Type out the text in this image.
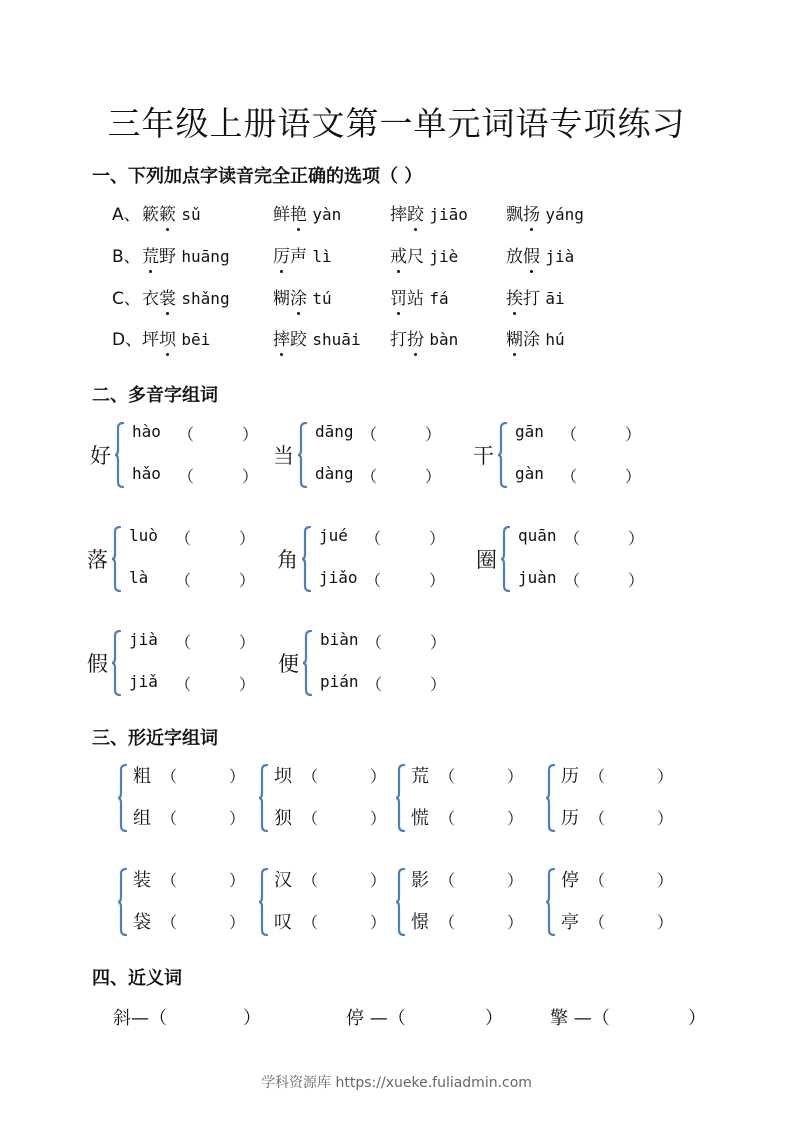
三年级上册语文第一单元词语专项练习
一、下列加点字读音完全正确的选项（ ）
A、 簌簌 sǔ	鲜艳 yàn	摔跤 jiāo 飘扬 yáng
B、 荒野 huāng	厉声 lì	戒尺 jiè	放假 jià
C、 衣裳 shǎng	糊涂 tú	罚站 fá	挨打 āi
D、 坪坝 bēi	摔跤 shuāi 打扮 bàn	糊涂 hú
二、多音字组词
好
hào （	）
hǎo （	）
当
dāng （	）
dàng （	）
干
gān （	）
gàn （	）
落
luò （	）
là （	）
角
jué （	）
jiǎo （	）
圈
quān （	）
juàn （	）
假
jià （	）
jiǎ （	）
便
biàn （	）
pián （	）
三、形近字组词
粗 （	）
组 （	）
坝 （	）
狈 （	）
荒 （	）
慌 （	）
历 （	）
历 （	）
装 （	）
袋 （	）
汉 （	）
叹 （	）
影 （	）
憬 （	）
停 （	）
亭 （	）
四、近义词
斜—（	）	停 —（	）	擎 —（	）
学科资源库 https://xueke.fuliadmin.com
